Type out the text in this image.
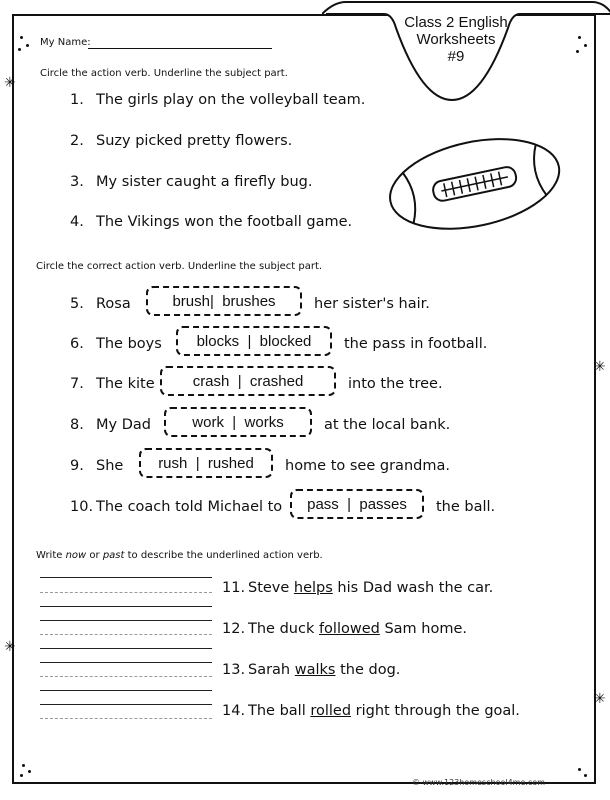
Class 2 English
Worksheets
#9
My Name:
Circle the action verb. Underline the subject part.
1. The girls play on the volleyball team.
2. Suzy picked pretty flowers.
3. My sister caught a firefly bug.
4. The Vikings won the football game.
Circle the correct action verb. Underline the subject part.
5. Rosa	brush|  brushes	her sister's hair.
6. The boys	blocks  |  blocked	the pass in football.
7. The kite	crash  |  crashed	into the tree.
8. My Dad	work  |  works	at the local bank.
9. She	rush  |  rushed	home to see grandma.
10. The coach told Michael to	pass  |  passes	the ball.
Write now or past to describe the underlined action verb.
11. Steve helps his Dad wash the car.
12. The duck followed Sam home.
13. Sarah walks the dog.
14. The ball rolled right through the goal.
© www.123homeschool4me.com
✳
✳
✳
✳
